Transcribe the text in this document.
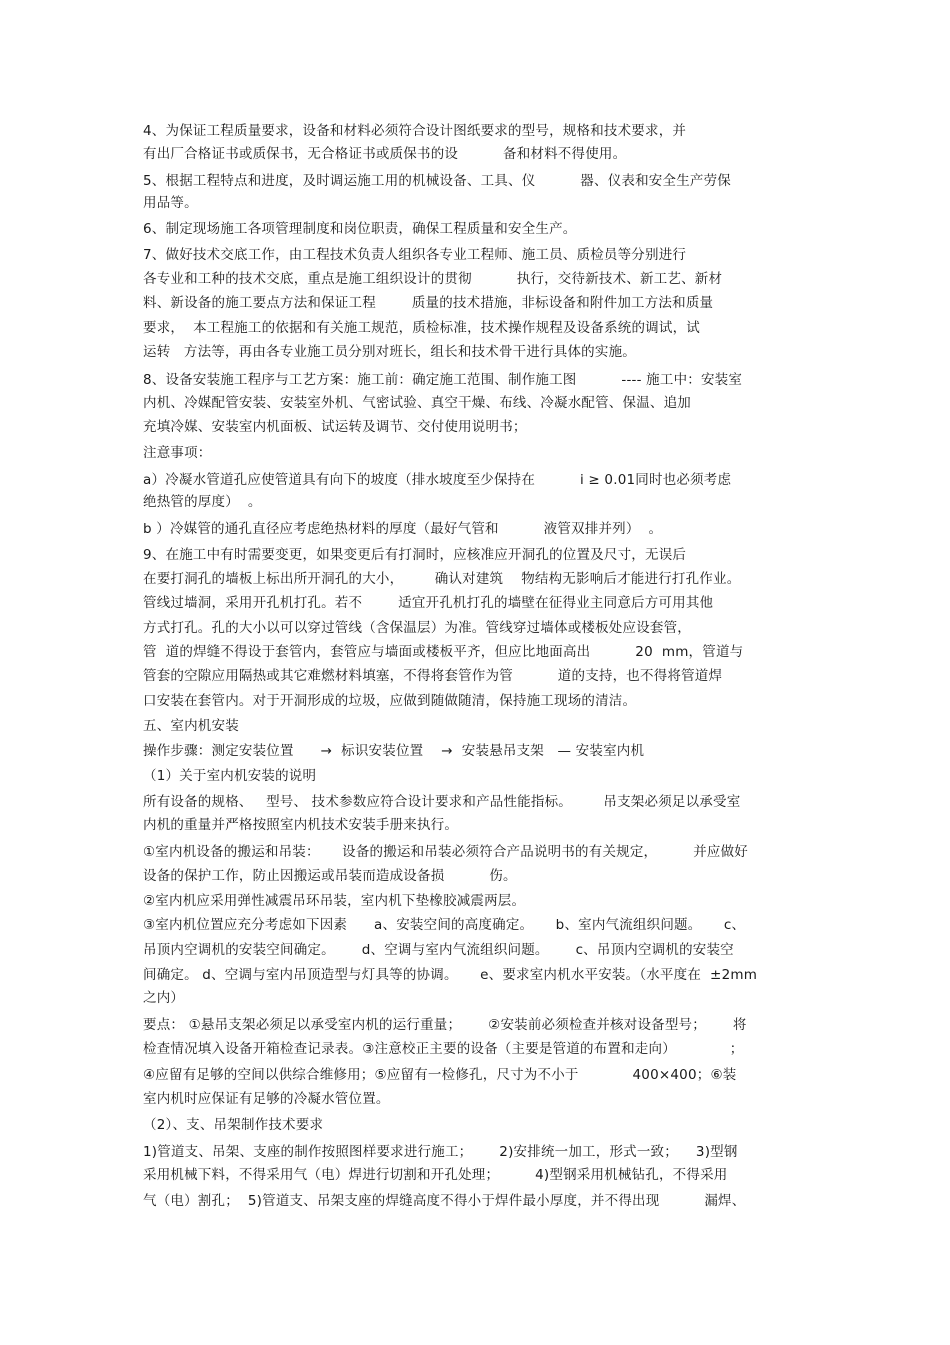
4、为保证工程质量要求，设备和材料必须符合设计图纸要求的型号，规格和技术要求，并
有出厂合格证书或质保书，无合格证书或质保书的设          备和材料不得使用。
5、根据工程特点和进度，及时调运施工用的机械设备、工具、仪          器、仪表和安全生产劳保
用品等。
6、制定现场施工各项管理制度和岗位职责，确保工程质量和安全生产。
7、做好技术交底工作，由工程技术负责人组织各专业工程师、施工员、质检员等分别进行
各专业和工种的技术交底，重点是施工组织设计的贯彻          执行，交待新技术、新工艺、新材
料、新设备的施工要点方法和保证工程        质量的技术措施，非标设备和附件加工方法和质量
要求，  本工程施工的依据和有关施工规范，质检标准，技术操作规程及设备系统的调试，试
运转   方法等，再由各专业施工员分别对班长，组长和技术骨干进行具体的实施。
8、设备安装施工程序与工艺方案：施工前：确定施工范围、制作施工图          ---- 施工中：安装室
内机、冷媒配管安装、安装室外机、气密试验、真空干燥、布线、冷凝水配管、保温、追加
充填冷媒、安装室内机面板、试运转及调节、交付使用说明书；
注意事项：
a）冷凝水管道孔应使管道具有向下的坡度（排水坡度至少保持在          i ≥ 0.01同时也必须考虑
绝热管的厚度）  。
b ）冷媒管的通孔直径应考虑绝热材料的厚度（最好气管和          液管双排并列）  。
9、在施工中有时需要变更，如果变更后有打洞时，应核准应开洞孔的位置及尺寸，无误后
在要打洞孔的墙板上标出所开洞孔的大小，       确认对建筑    物结构无影响后才能进行打孔作业。
管线过墙洞，采用开孔机打孔。若不        适宜开孔机打孔的墙壁在征得业主同意后方可用其他
方式打孔。孔的大小以可以穿过管线（含保温层）为准。管线穿过墙体或楼板处应设套管，
管  道的焊缝不得设于套管内，套管应与墙面或楼板平齐，但应比地面高出          20  mm，管道与
管套的空隙应用隔热或其它难燃材料填塞，不得将套管作为管          道的支持，也不得将管道焊
口安装在套管内。对于开洞形成的垃圾，应做到随做随清，保持施工现场的清洁。
五、室内机安装
操作步骤：测定安装位置      →  标识安装位置    →  安装悬吊支架   — 安装室内机
（1）关于室内机安装的说明
所有设备的规格、   型号、 技术参数应符合设计要求和产品性能指标。       吊支架必须足以承受室
内机的重量并严格按照室内机技术安装手册来执行。
①室内机设备的搬运和吊装：     设备的搬运和吊装必须符合产品说明书的有关规定，        并应做好
设备的保护工作，防止因搬运或吊装而造成设备损          伤。
②室内机应采用弹性减震吊环吊装，室内机下垫橡胶减震两层。
③室内机位置应充分考虑如下因素      a、安装空间的高度确定。     b、室内气流组织问题。     c、
吊顶内空调机的安装空间确定。      d、空调与室内气流组织问题。      c、吊顶内空调机的安装空
间确定。 d、空调与室内吊顶造型与灯具等的协调。     e、要求室内机水平安装。（水平度在  ±2mm
之内）
要点： ①悬吊支架必须足以承受室内机的运行重量；      ②安装前必须检查并核对设备型号；      将
检查情况填入设备开箱检查记录表。③注意校正主要的设备（主要是管道的布置和走向）            ；
④应留有足够的空间以供综合维修用；⑤应留有一检修孔，尺寸为不小于            400×400；⑥装
室内机时应保证有足够的冷凝水管位置。
（2）、支、吊架制作技术要求
1)管道支、吊架、支座的制作按照图样要求进行施工；      2)安排统一加工，形式一致；    3)型钢
采用机械下料，不得采用气（电）焊进行切割和开孔处理；        4)型钢采用机械钻孔，不得采用
气（电）割孔；  5)管道支、吊架支座的焊缝高度不得小于焊件最小厚度，并不得出现          漏焊、
